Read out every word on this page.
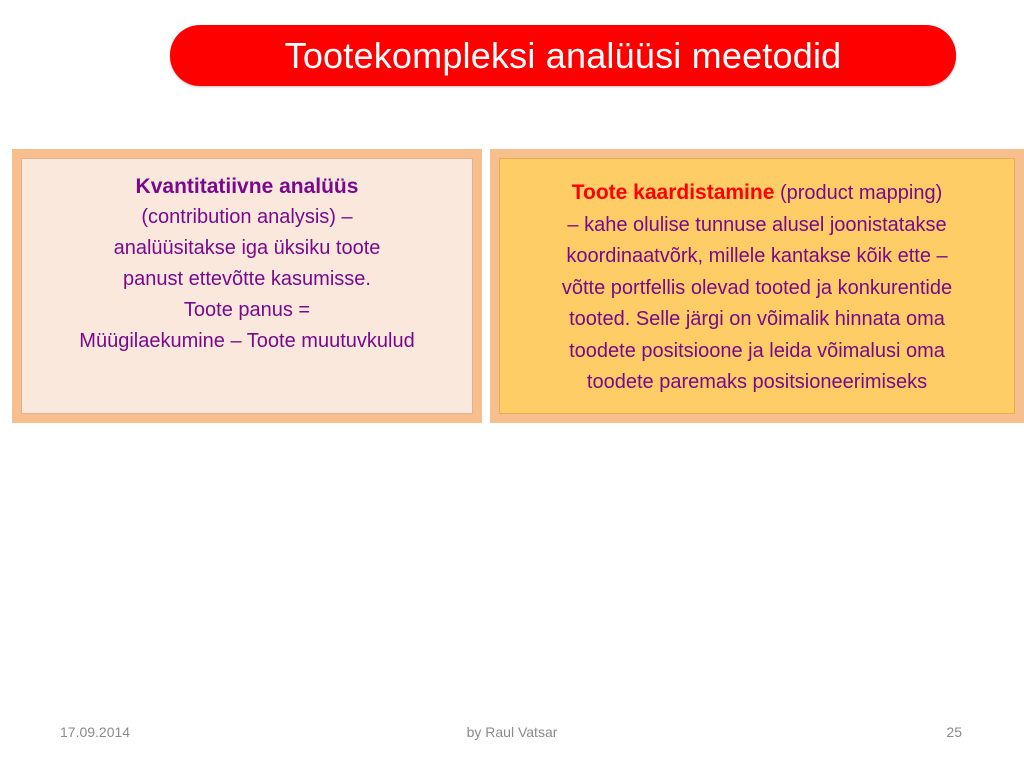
Tootekompleksi analüüsi meetodid
Kvantitatiivne analüüs
(contribution analysis) –
analüüsitakse iga üksiku toote
panust ettevõtte kasumisse.
Toote panus =
Müügilaekumine – Toote muutuvkulud
Toote kaardistamine (product mapping)
– kahe olulise tunnuse alusel joonistatakse
koordinaatvõrk, millele kantakse kõik ette –
võtte portfellis olevad tooted ja konkurentide
tooted. Selle järgi on võimalik hinnata oma
toodete positsioone ja leida võimalusi oma
toodete paremaks positsioneerimiseks
17.09.2014	by Raul Vatsar	25
